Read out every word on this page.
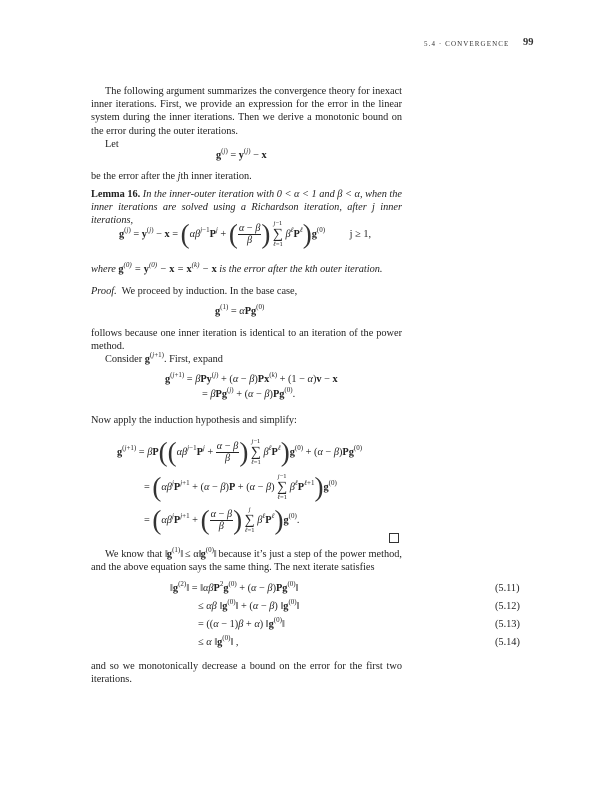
5.4 · CONVERGENCE 99
The following argument summarizes the convergence theory for inexact inner iterations. First, we provide an expression for the error in the linear system during the inner iterations. Then we derive a monotonic bound on the error during the outer iterations.
Let
$g^{(j)} = y^{(j)} - x$
be the error after the jth inner iteration.
Lemma 16. In the inner-outer iteration with 0 < α < 1 and β < α, when the inner iterations are solved using a Richardson iteration, after j inner iterations,
$g^{(j)} = y^{(j)} - x = (\alpha\beta^{j-1}P^j$ + ( $\frac{\alpha - \beta}{\beta}$ ) j−1
∑
ℓ=1
$\beta^\ell P^\ell)g^{(0)}$ j ≥ 1,
where $g^{(0)} = y^{(0)} - x = x^{(k)} - x$ is the error after the kth outer iteration.
Proof. We proceed by induction. In the base case,
$g^{(1)} = \alpha Pg^{(0)}$
follows because one inner iteration is identical to an iteration of the power method.
Consider $g^{(j+1)}$. First, expand
$g^{(j+1)} = \beta Py^{(j)} + (\alpha - \beta)Px^{(k)} + (1 - \alpha)v - x$
= $\beta Pg^{(j)} + (\alpha - \beta)Pg^{(0)}$.
Now apply the induction hypothesis and simplify:
$g^{(j+1)} = \beta P((\alpha\beta^{j-1}P^j + \frac{\alpha - \beta}{\beta}$ ) j−1
∑
ℓ=1
$\beta^\ell P^\ell)g^{(0)} + (\alpha - \beta)Pg^{(0)}$
= ($\alpha\beta^jP^{j+1} + (\alpha - \beta)P + (\alpha - \beta)$
j−1
∑
ℓ=1
$\beta^\ell P^{\ell+1})g^{(0)}$
= ($\alpha\beta^jP^{j+1}$ + ( $\frac{\alpha - \beta}{\beta}$ )	j
∑
ℓ=1
$\beta^\ell P^\ell)g^{(0)}$.
We know that $‖g^{(1)}‖$ ≤ $\alpha‖g^{(0)}‖$ because it’s just a step of the power method, and the above equation says the same thing. The next iterate satisfies
$‖g^{(2)}‖$ = $‖\alpha\beta P^2g^{(0)} + (\alpha$ − $\beta)Pg^{(0)}‖$	(5.11)
≤ αβ $‖g^{(0)}‖ + (\alpha - \beta)$ $‖g^{(0)}‖$	(5.12)
= ((α − 1)β + α) $‖g^{(0)}‖$	(5.13)
≤ α $‖g^{(0)}‖$ ,	(5.14)
and so we monotonically decrease a bound on the error for the first two iterations.
